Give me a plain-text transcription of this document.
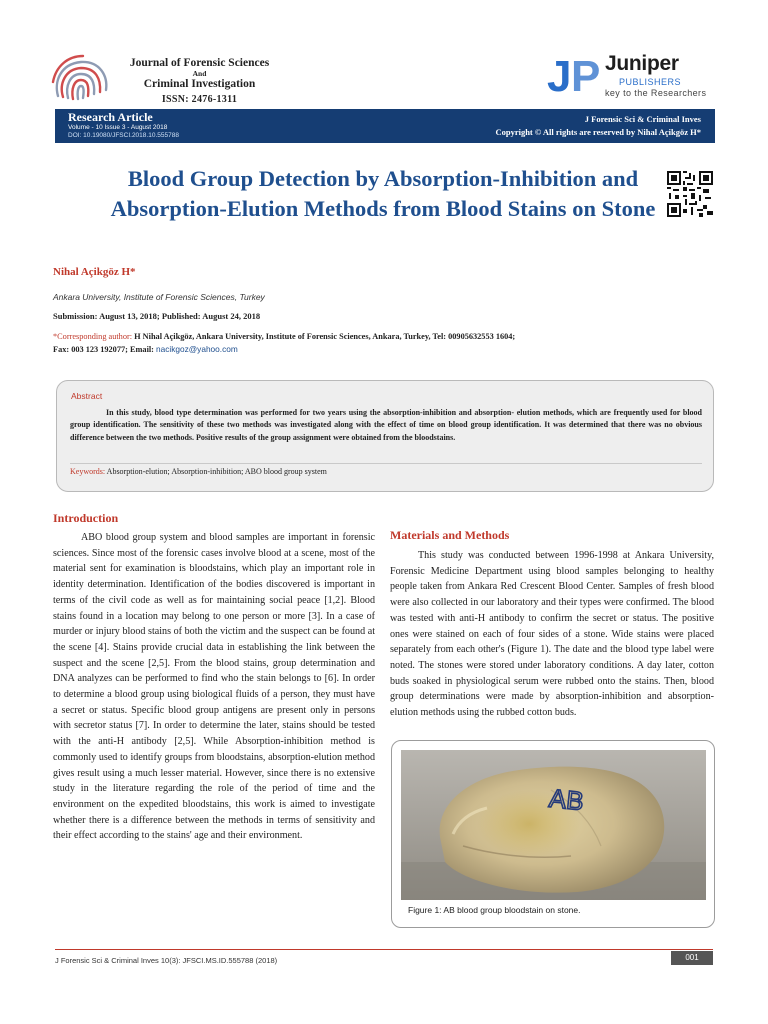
Journal of Forensic Sciences
And
Criminal Investigation
ISSN: 2476-1311	J P Juniper
PUBLISHERS
key to the Researchers
Research Article
Volume - 10 Issue 3 - August 2018
DOI: 10.19080/JFSCI.2018.10.555788
J Forensic Sci & Criminal Inves
Copyright © All rights are reserved by Nihal Açikgöz H*
Blood Group Detection by Absorption-Inhibition and Absorption-Elution Methods from Blood Stains on Stone
Nihal Açikgöz H*
Ankara University, Institute of Forensic Sciences, Turkey
Submission: August 13, 2018; Published: August 24, 2018
*Corresponding author: H Nihal Açikgöz, Ankara University, Institute of Forensic Sciences, Ankara, Turkey, Tel: 00905632553 1604;
Fax: 003 123 192077; Email: nacikgoz@yahoo.com
Abstract

In this study, blood type determination was performed for two years using the absorption-inhibition and absorption- elution methods, which are frequently used for blood group identification. The sensitivity of these two methods was investigated along with the effect of time on blood group identification. It was determined that there was no obvious difference between the two methods. Positive results of the group assignment were obtained from the bloodstains.

Keywords: Absorption-elution; Absorption-inhibition; ABO blood group system
Introduction

ABO blood group system and blood samples are important in forensic sciences. Since most of the forensic cases involve blood at a scene, most of the material sent for examination is bloodstains, which play an important role in identity determination. Identification of the bodies discovered is important in terms of the civil code as well as for maintaining social peace [1,2]. Blood stains found in a location may belong to one person or more [3]. In a case of murder or injury blood stains of both the victim and the suspect can be found at the scene [4]. Stains provide crucial data in establishing the link between the suspect and the scene [2,5]. From the blood stains, group determination and DNA analyzes can be performed to find who the stain belongs to [6]. In order to determine a blood group using biological fluids of a person, they must have a secret or status. Specific blood group antigens are present only in persons with secretor status [7]. In order to determine the later, stains should be tested with the anti-H antibody [2,5]. While Absorption-inhibition method is commonly used to identify groups from bloodstains, absorption-elution method gives result using a much lesser material. However, since there is no extensive study in the literature regarding the role of the period of time and the environment on the expedited bloodstains, this work is aimed to investigate whether there is a difference between the methods in terms of sensitivity and their effect according to the stains' age and their environment.

Materials and Methods

This study was conducted between 1996-1998 at Ankara University, Forensic Medicine Department using blood samples belonging to healthy people taken from Ankara Red Crescent Blood Center. Samples of fresh blood were also collected in our laboratory and their types were confirmed. The blood was tested with anti-H antibody to confirm the secret or status. The positive ones were stained on each of four sides of a stone. Wide stains were placed separately from each other's (Figure 1). The date and the blood type label were noted. The stones were stored under laboratory conditions. A day later, cotton buds soaked in physiological serum were rubbed onto the stains. Then, blood group determinations were made by absorption-inhibition and absorption-elution methods using the rubbed cotton buds.

AB
Figure 1: AB blood group bloodstain on stone.
J Forensic Sci & Criminal Inves 10(3): JFSCI.MS.ID.555788 (2018)	001
